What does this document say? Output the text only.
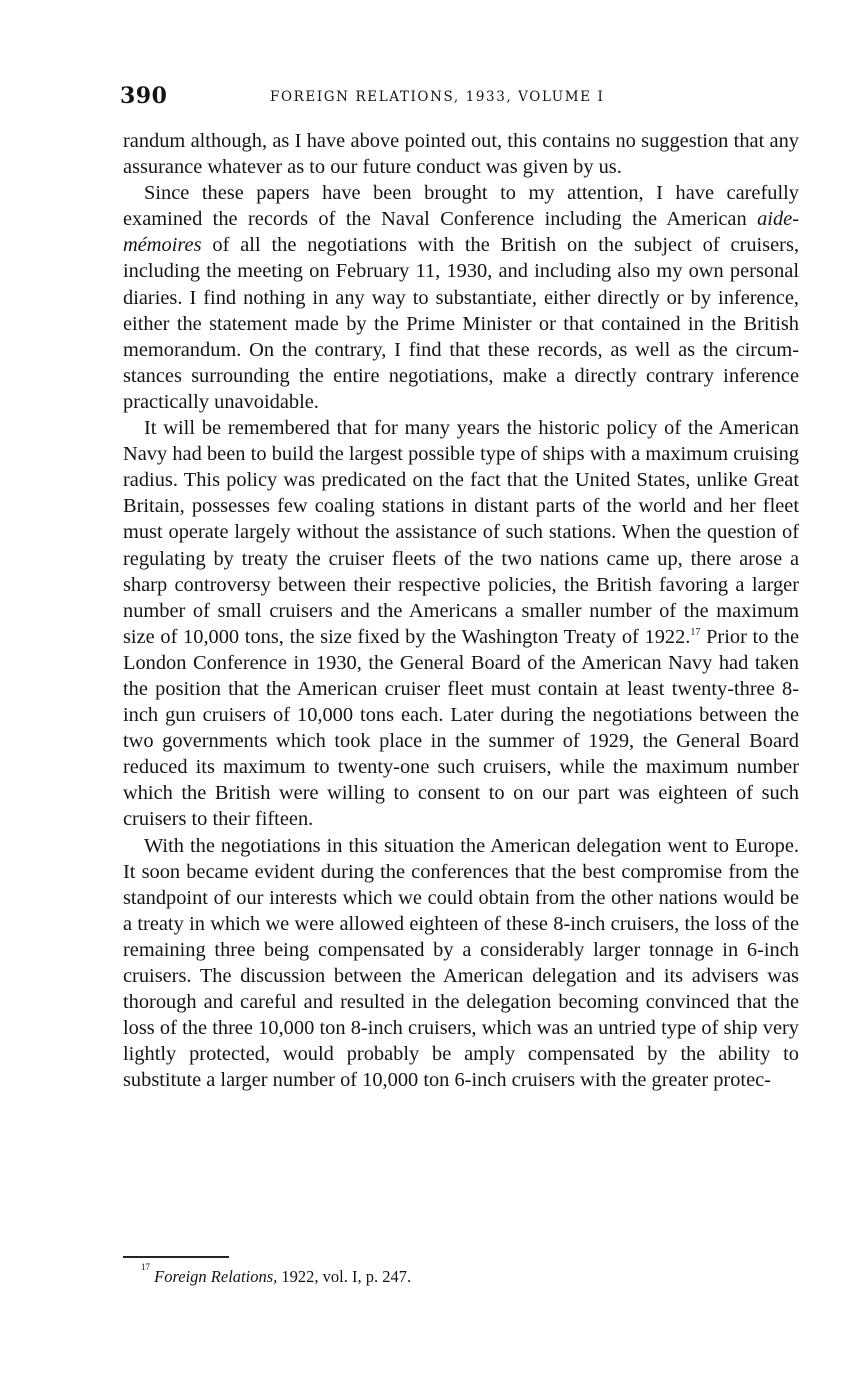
390	FOREIGN RELATIONS, 1933, VOLUME I

randum although, as I have above pointed out, this contains no suggestion that any assurance whatever as to our future conduct was given by us.

Since these papers have been brought to my attention, I have carefully examined the records of the Naval Conference including the American aide-mémoires of all the negotiations with the British on the subject of cruisers, including the meeting on February 11, 1930, and including also my own personal diaries. I find nothing in any way to substantiate, either directly or by inference, either the statement made by the Prime Minister or that contained in the British memorandum. On the contrary, I find that these records, as well as the circumstances surrounding the entire negotiations, make a directly contrary inference practically unavoidable.

It will be remembered that for many years the historic policy of the American Navy had been to build the largest possible type of ships with a maximum cruising radius. This policy was predicated on the fact that the United States, unlike Great Britain, possesses few coaling stations in distant parts of the world and her fleet must operate largely without the assistance of such stations. When the question of regulating by treaty the cruiser fleets of the two nations came up, there arose a sharp controversy between their respective policies, the British favoring a larger number of small cruisers and the Americans a smaller number of the maximum size of 10,000 tons, the size fixed by the Washington Treaty of 1922.17 Prior to the London Conference in 1930, the General Board of the American Navy had taken the position that the American cruiser fleet must contain at least twenty-three 8-inch gun cruisers of 10,000 tons each. Later during the negotiations between the two governments which took place in the summer of 1929, the General Board reduced its maximum to twenty-one such cruisers, while the maximum number which the British were willing to consent to on our part was eighteen of such cruisers to their fifteen.

With the negotiations in this situation the American delegation went to Europe. It soon became evident during the conferences that the best compromise from the standpoint of our interests which we could obtain from the other nations would be a treaty in which we were allowed eighteen of these 8-inch cruisers, the loss of the remaining three being compensated by a considerably larger tonnage in 6-inch cruisers. The discussion between the American delegation and its advisers was thorough and careful and resulted in the delegation becoming convinced that the loss of the three 10,000 ton 8-inch cruisers, which was an untried type of ship very lightly protected, would probably be amply compensated by the ability to substitute a larger number of 10,000 ton 6-inch cruisers with the greater protec-

$^{17}$ Foreign Relations, 1922, vol. I, p. 247.
